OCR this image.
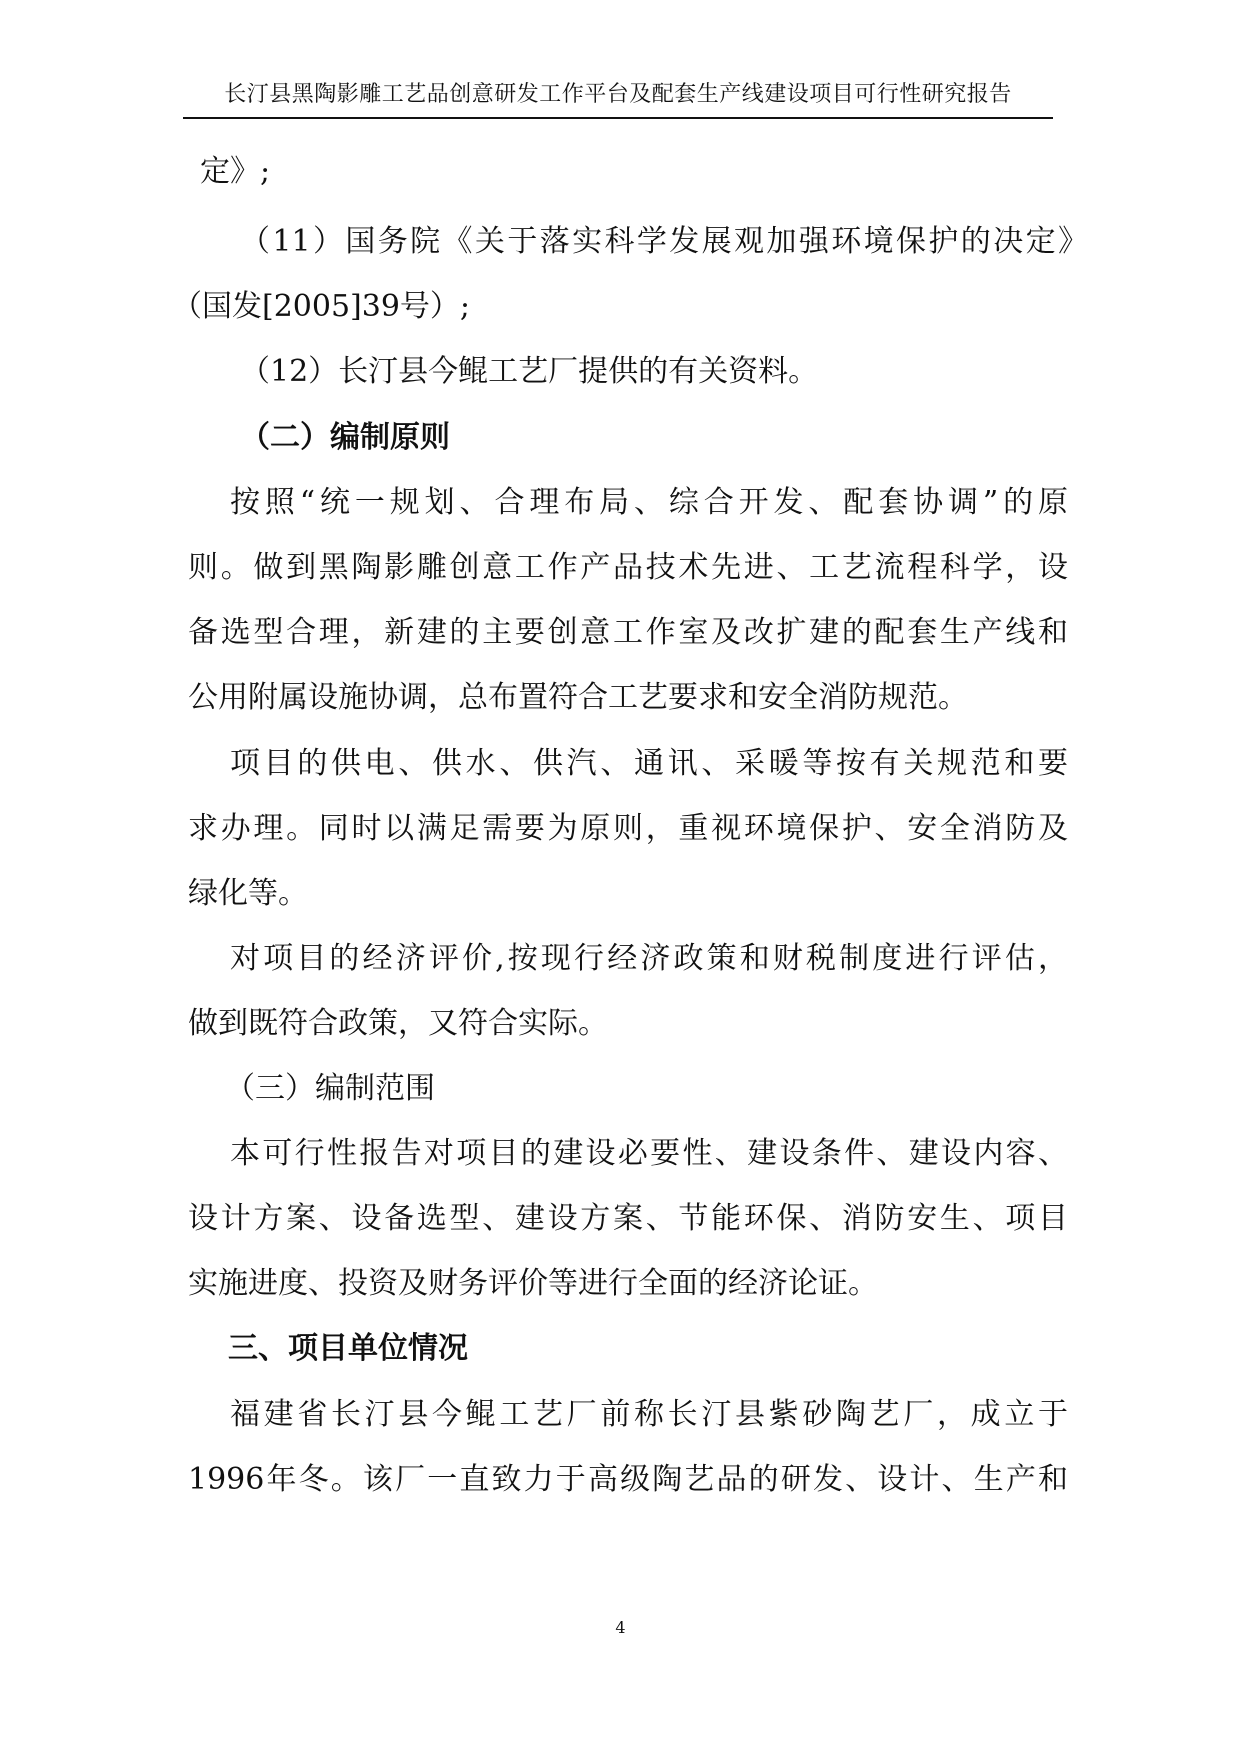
长汀县黑陶影雕工艺品创意研发工作平台及配套生产线建设项目可行性研究报告
定》;
（11）国务院《关于落实科学发展观加强环境保护的决定》
（国发[2005]39号）;
（12）长汀县今鲲工艺厂提供的有关资料。
（二）编制原则
按照“统一规划、合理布局、综合开发、配套协调”的原
则。做到黑陶影雕创意工作产品技术先进、工艺流程科学，设
备选型合理，新建的主要创意工作室及改扩建的配套生产线和
公用附属设施协调，总布置符合工艺要求和安全消防规范。
项目的供电、供水、供汽、通讯、采暖等按有关规范和要
求办理。同时以满足需要为原则，重视环境保护、安全消防及
绿化等。
对项目的经济评价,按现行经济政策和财税制度进行评估，
做到既符合政策，又符合实际。
（三）编制范围
本可行性报告对项目的建设必要性、建设条件、建设内容、
设计方案、设备选型、建设方案、节能环保、消防安生、项目
实施进度、投资及财务评价等进行全面的经济论证。
三、项目单位情况
福建省长汀县今鲲工艺厂前称长汀县紫砂陶艺厂，成立于
1996年冬。该厂一直致力于高级陶艺品的研发、设计、生产和
4
